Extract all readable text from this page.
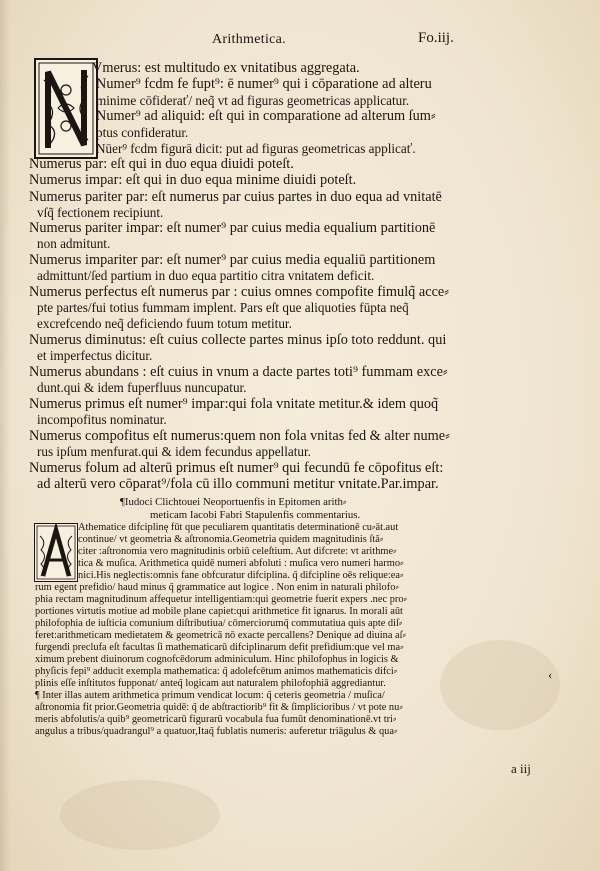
Arithmetica.	Fo.iij.
Vmerus: est multitudo ex vnitatibus aggregata.
Numer⁹ fcdm fe fupt⁹: ē numer⁹ qui i cōparatione ad alteru
minime cōfiderať/ neq̃ vt ad figuras geometricas applicatur.
Numer⁹ ad aliquid: eſt qui in comparatione ad alterum ſum⸗
ptus confideratur.
Nūer⁹ fcdm figurā dicit: put ad figuras geometricas applicať.
Numerus par: eſt qui in duo equa diuidi poteſt.
Numerus impar: eſt qui in duo equa minime diuidi poteſt.
Numerus pariter par: eſt numerus par cuius partes in duo equa ad vnitatē
vſq̃ fectionem recipiunt.
Numerus pariter impar: eſt numer⁹ par cuius media equalium partitionē
non admitunt.
Numerus impariter par: eſt numer⁹ par cuius media equaliū partitionem
admittunt/ſed partium in duo equa partitio citra vnitatem deficit.
Numerus perfectus eſt numerus par : cuius omnes compofite fimulq̃ acce⸗
pte partes/fui totius fummam implent. Pars eſt que aliquoties fūpta neq̃
excrefcendo neq̃ deficiendo fuum totum metitur.
Numerus diminutus: eſt cuius collecte partes minus ipſo toto reddunt. qui
et imperfectus dicitur.
Numerus abundans : eſt cuius in vnum a dacte partes toti⁹ fummam exce⸗
dunt.qui & idem fuperfluus nuncupatur.
Numerus primus eſt numer⁹ impar:qui fola vnitate metitur.& idem quoq̃
incompofitus nominatur.
Numerus compofitus eſt numerus:quem non fola vnitas fed & alter nume⸗
rus ipſum menfurat.qui & idem fecundus appellatur.
Numerus folum ad alterū primus eſt numer⁹ qui fecundū fe cōpofitus eſt:
ad alterū vero cōparat⁹/fola cū illo communi metitur vnitate.Par.impar.
¶Iudoci Clichtouei Neoportuenfis in Epitomen arith⸗
meticam Iacobi Fabri Stapulenfis commentarius.
Athematice difciplinę fūt que peculiarem quantitatis determinationē cu⸗āt.aut
continue/ vt geometria & aſtronomia.Geometria quidem magnitudinis ſtā⸗
citer :aſtronomia vero magnitudinis orbiū celeſtium. Aut difcrete: vt arithme⸗
tica & muſica. Arithmetica quidē numeri abfoluti : muſica vero numeri harmo⸗
nici.His neglectis:omnis fane obfcuratur difciplina. q̃ difcipline oēs relique:ea⸗
rum egent prefidio/ haud minus q̃ grammatice aut logice . Non enim in naturali philofo⸗
phia rectam magnitudinum affequetur intelligentiam:qui geometrie fuerit expers .nec pro⸗
portiones virtutis motiue ad mobile plane capiet:qui arithmetice fit ignarus. In morali aūt
philofophia de iuſticia comunium diſtributiua/ cōmerciorumq̃ commutatiua quis apte diſ⸗
feret:arithmeticam medietatem & geometricā nō exacte percallens? Denique ad diuina aſ⸗
furgendi preclufa eſt facultas ſi mathematicarū difciplinarum defit prefidium:que vel ma⸗
ximum prebent diuinorum cognofcēdorum adminiculum. Hinc philofophus in logicis &
phyſicis fepi⁹ adducit exempla mathematica: q̃ adolefcētum animos mathematicis difci⸗
plinis eſſe inſtitutos fupponat/ anteq̃ logicam aut naturalem philofophiā aggrediantur.
¶ Inter illas autem arithmetica primum vendicat locum: q̃ ceteris geometria / muſica/
aſtronomia fit prior.Geometria quidē: q̃ de abſtractiorib⁹ fit & ſimplicioribus / vt pote nu⸗
meris abfolutis/a quib⁹ geometricarū figurarū vocabula fua fumūt denominationē.vt tri⸗
angulus a tribus/quadrangul⁹ a quatuor,Itaq̃ fublatis numeris: auferetur triāgulus & qua⸗
‹
a iij
